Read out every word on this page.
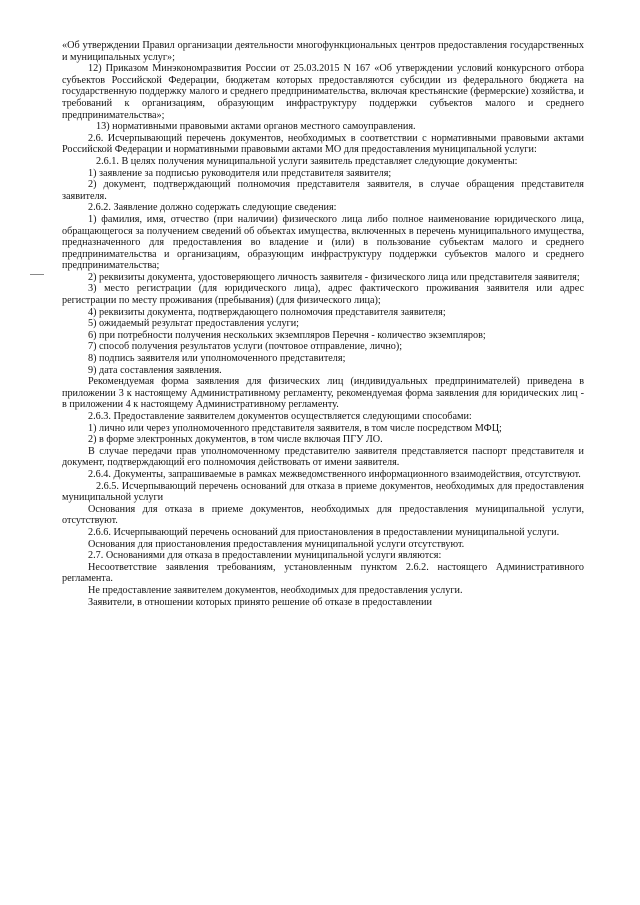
«Об утверждении Правил организации деятельности многофункциональных центров предоставления государственных и муниципальных услуг»;

12) Приказом Минэкономразвития России от 25.03.2015 N 167 «Об утверждении условий конкурсного отбора субъектов Российской Федерации, бюджетам которых предоставляются субсидии из федерального бюджета на государственную поддержку малого и среднего предпринимательства, включая крестьянские (фермерские) хозяйства, и требований к организациям, образующим инфраструктуру поддержки субъектов малого и среднего предпринимательства»;

13) нормативными правовыми актами органов местного самоуправления.

2.6. Исчерпывающий перечень документов, необходимых в соответствии с нормативными правовыми актами Российской Федерации и нормативными правовыми актами МО для предоставления муниципальной услуги:

2.6.1. В целях получения муниципальной услуги заявитель представляет следующие документы:

1) заявление за подписью руководителя или представителя заявителя;

2) документ, подтверждающий полномочия представителя заявителя, в случае обращения представителя заявителя.

2.6.2. Заявление должно содержать следующие сведения:

1) фамилия, имя, отчество (при наличии) физического лица либо полное наименование юридического лица, обращающегося за получением сведений об объектах имущества, включенных в перечень муниципального имущества, предназначенного для предоставления во владение и (или) в пользование субъектам малого и среднего предпринимательства и организациям, образующим инфраструктуру поддержки субъектов малого и среднего предпринимательства;

2) реквизиты документа, удостоверяющего личность заявителя - физического лица или представителя заявителя;

3) место регистрации (для юридического лица), адрес фактического проживания заявителя или адрес регистрации по месту проживания (пребывания) (для физического лица);

4) реквизиты документа, подтверждающего полномочия представителя заявителя;

5) ожидаемый результат предоставления услуги;

6) при потребности получения нескольких экземпляров Перечня - количество экземпляров;

7) способ получения результатов услуги (почтовое отправление, лично);

8) подпись заявителя или уполномоченного представителя;

9) дата составления заявления.

Рекомендуемая форма заявления для физических лиц (индивидуальных предпринимателей) приведена в приложении 3 к настоящему Административному регламенту, рекомендуемая форма заявления для юридических лиц - в приложении 4 к настоящему Административному регламенту.

2.6.3. Предоставление заявителем документов осуществляется следующими способами:

1) лично или через уполномоченного представителя заявителя, в том числе посредством МФЦ;

2) в форме электронных документов, в том числе включая ПГУ ЛО.

В случае передачи прав уполномоченному представителю заявителя представляется паспорт представителя и документ, подтверждающий его полномочия действовать от имени заявителя.

2.6.4. Документы, запрашиваемые в рамках межведомственного информационного взаимодействия, отсутствуют.

2.6.5. Исчерпывающий перечень оснований для отказа в приеме документов, необходимых для предоставления муниципальной услуги

Основания для отказа в приеме документов, необходимых для предоставления муниципальной услуги, отсутствуют.

2.6.6. Исчерпывающий перечень оснований для приостановления в предоставлении муниципальной услуги.

Основания для приостановления предоставления муниципальной услуги отсутствуют.

2.7. Основаниями для отказа в предоставлении муниципальной услуги являются:

Несоответствие заявления требованиям, установленным пунктом 2.6.2. настоящего Административного регламента.

Не предоставление заявителем документов, необходимых для предоставления услуги.

Заявители, в отношении которых принято решение об отказе в предоставлении
